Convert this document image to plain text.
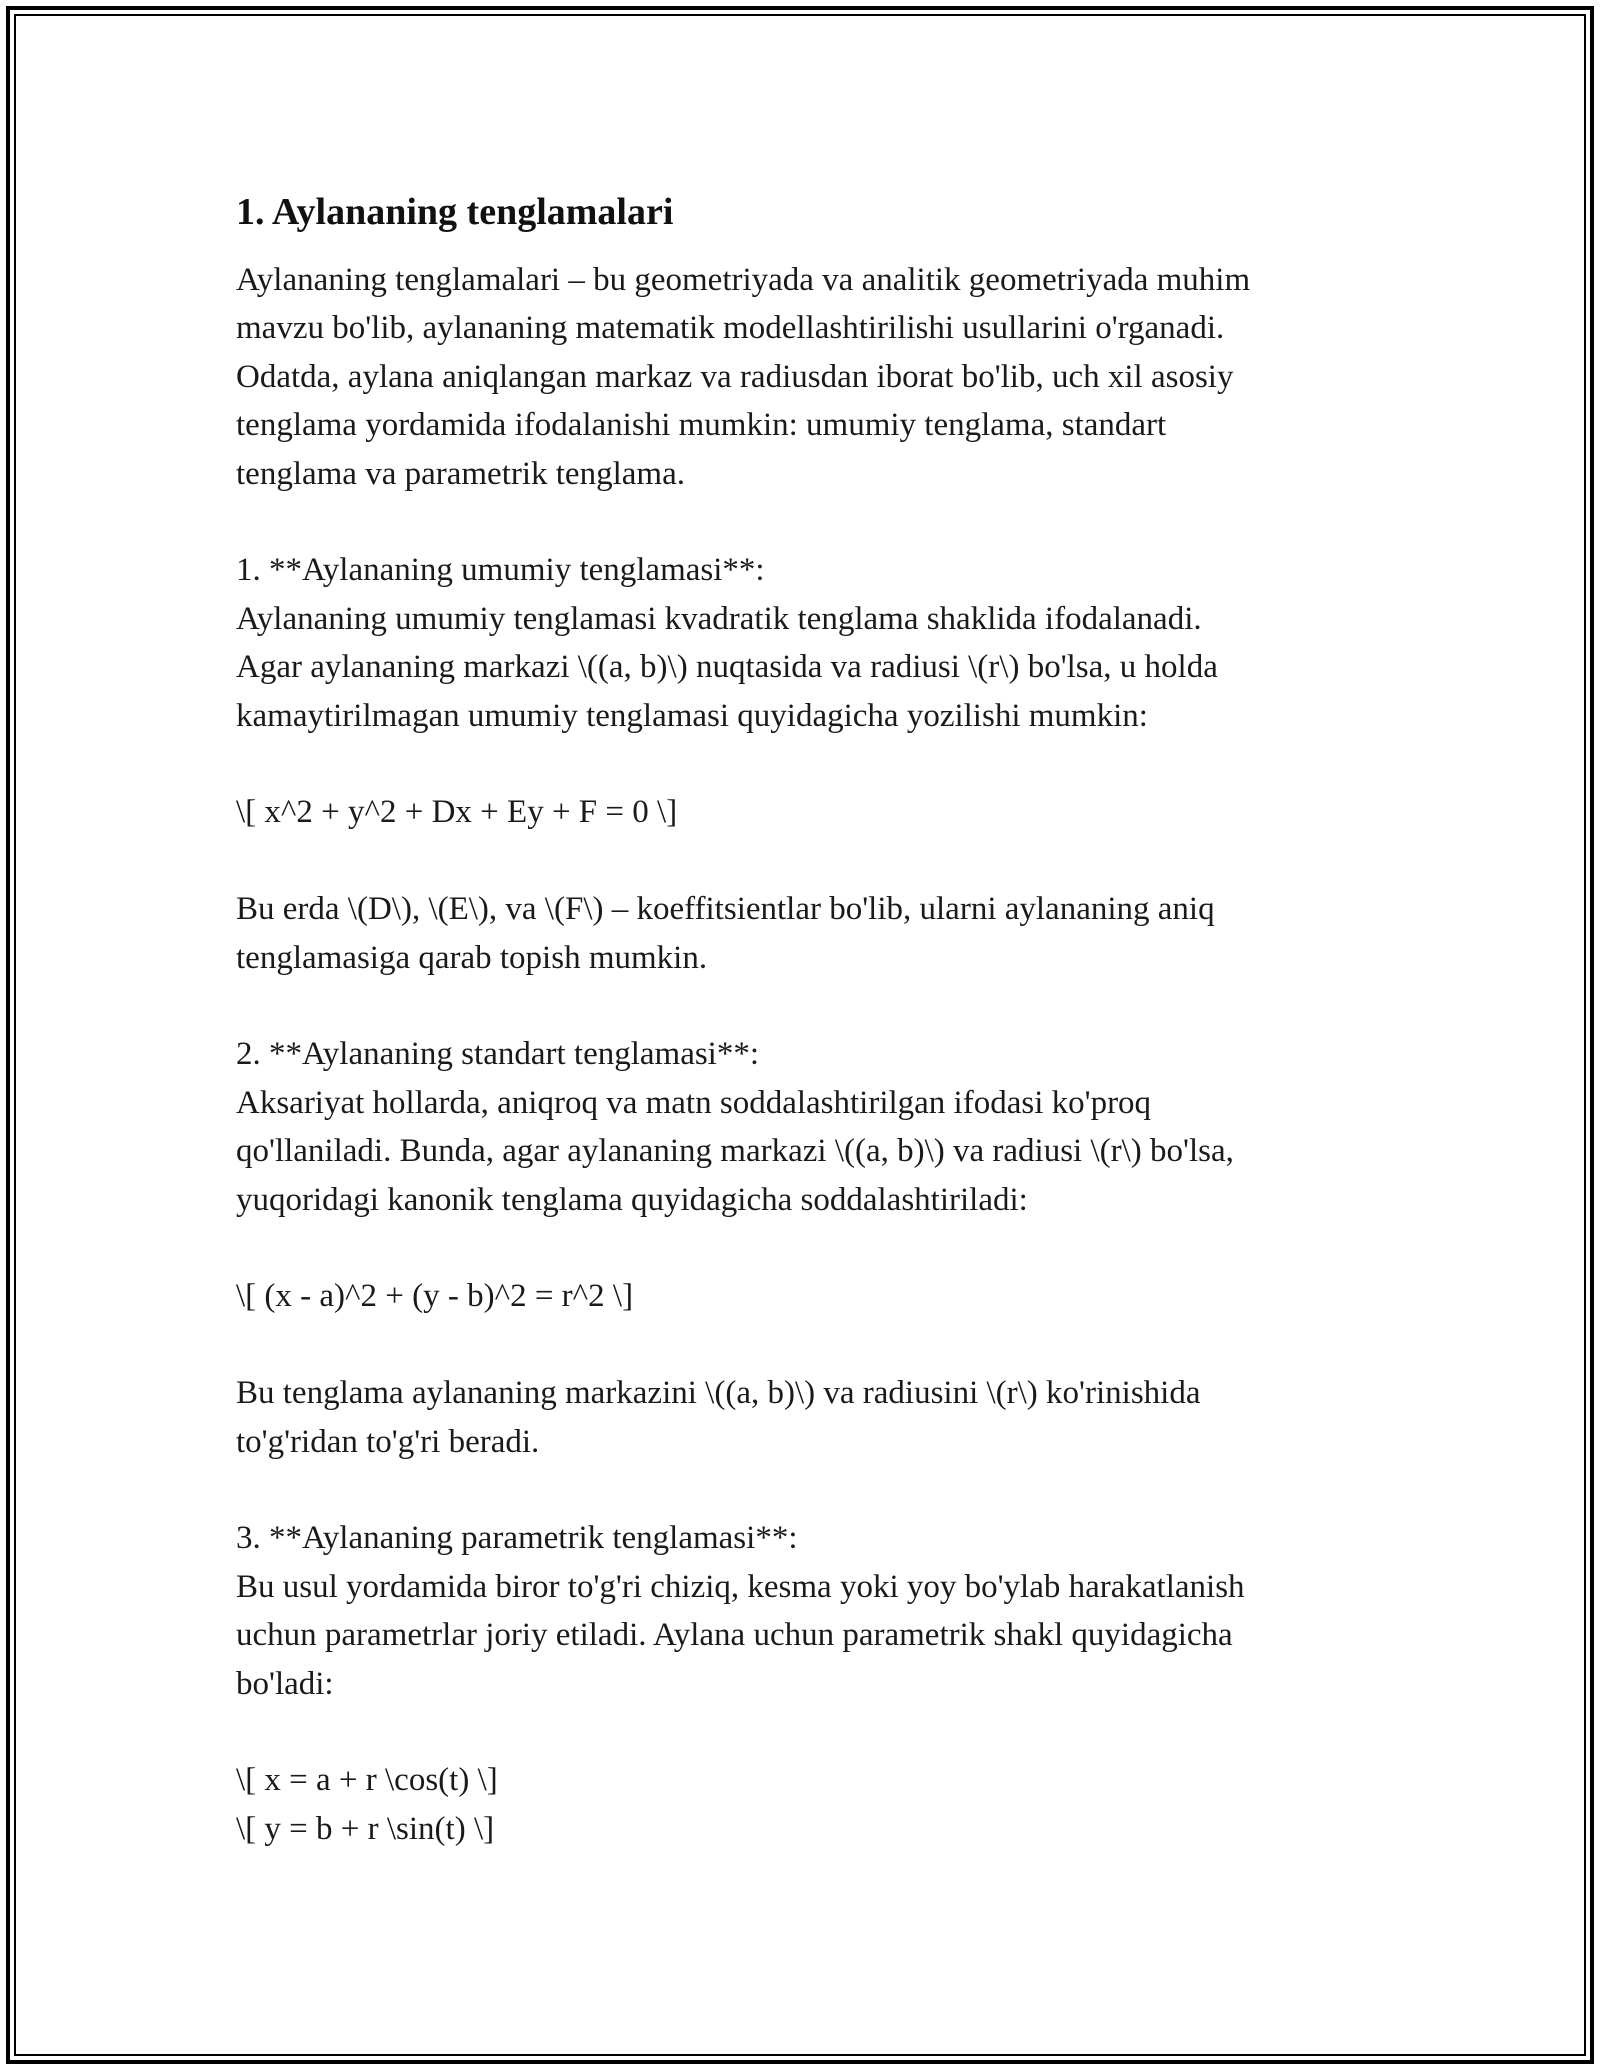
1. Aylananing tenglamalari
Aylananing tenglamalari – bu geometriyada va analitik geometriyada muhim
mavzu bo'lib, aylananing matematik modellashtirilishi usullarini o'rganadi.
Odatda, aylana aniqlangan markaz va radiusdan iborat bo'lib, uch xil asosiy
tenglama yordamida ifodalanishi mumkin: umumiy tenglama, standart
tenglama va parametrik tenglama.
1. **Aylananing umumiy tenglamasi**:
Aylananing umumiy tenglamasi kvadratik tenglama shaklida ifodalanadi.
Agar aylananing markazi \((a, b)\) nuqtasida va radiusi \(r\) bo'lsa, u holda
kamaytirilmagan umumiy tenglamasi quyidagicha yozilishi mumkin:
\[ x^2 + y^2 + Dx + Ey + F = 0 \]
Bu erda \(D\), \(E\), va \(F\) – koeffitsientlar bo'lib, ularni aylananing aniq
tenglamasiga qarab topish mumkin.
2. **Aylananing standart tenglamasi**:
Aksariyat hollarda, aniqroq va matn soddalashtirilgan ifodasi ko'proq
qo'llaniladi. Bunda, agar aylananing markazi \((a, b)\) va radiusi \(r\) bo'lsa,
yuqoridagi kanonik tenglama quyidagicha soddalashtiriladi:
\[ (x - a)^2 + (y - b)^2 = r^2 \]
Bu tenglama aylananing markazini \((a, b)\) va radiusini \(r\) ko'rinishida
to'g'ridan to'g'ri beradi.
3. **Aylananing parametrik tenglamasi**:
Bu usul yordamida biror to'g'ri chiziq, kesma yoki yoy bo'ylab harakatlanish
uchun parametrlar joriy etiladi. Aylana uchun parametrik shakl quyidagicha
bo'ladi:
\[ x = a + r \cos(t) \]
\[ y = b + r \sin(t) \]
